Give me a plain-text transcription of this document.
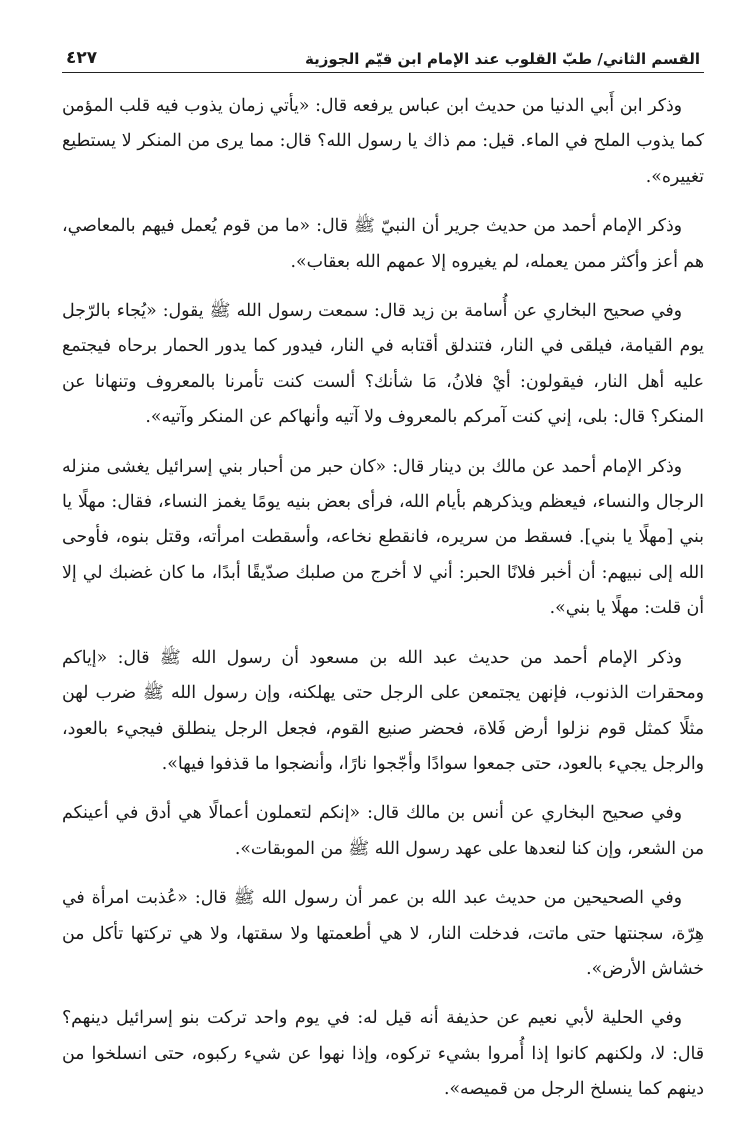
القسم الثاني/ طبّ القلوب عند الإمام ابن قيّم الجوزية
٤٢٧

وذكر ابن أَبي الدنيا من حديث ابن عباس يرفعه قال: «يأتي زمان يذوب فيه قلب المؤمن كما يذوب الملح في الماء. قيل: مم ذاك يا رسول الله؟ قال: مما يرى من المنكر لا يستطيع تغييره».

وذكر الإمام أحمد من حديث جرير أن النبيّ ﷺ قال: «ما من قوم يُعمل فيهم بالمعاصي، هم أعز وأكثر ممن يعمله، لم يغيروه إلا عمهم الله بعقاب».

وفي صحيح البخاري عن أُسامة بن زيد قال: سمعت رسول الله ﷺ يقول: «يُجاء بالرّجل يوم القيامة، فيلقى في النار، فتندلق أقتابه في النار، فيدور كما يدور الحمار برحاه فيجتمع عليه أهل النار، فيقولون: أيْ فلانُ، مَا شأنك؟ ألست كنت تأمرنا بالمعروف وتنهانا عن المنكر؟ قال: بلى، إني كنت آمركم بالمعروف ولا آتيه وأنهاكم عن المنكر وآتيه».

وذكر الإمام أحمد عن مالك بن دينار قال: «كان حبر من أحبار بني إسرائيل يغشى منزله الرجال والنساء، فيعظم ويذكرهم بأيام الله، فرأى بعض بنيه يومًا يغمز النساء، فقال: مهلًا يا بني [مهلًا يا بني]. فسقط من سريره، فانقطع نخاعه، وأسقطت امرأته، وقتل بنوه، فأوحى الله إلى نبيهم: أن أخبر فلانًا الحبر: أني لا أخرج من صلبك صدّيقًا أبدًا، ما كان غضبك لي إلا أن قلت: مهلًا يا بني».

وذكر الإمام أحمد من حديث عبد الله بن مسعود أن رسول الله ﷺ قال: «إياكم ومحقرات الذنوب، فإنهن يجتمعن على الرجل حتى يهلكنه، وإن رسول الله ﷺ ضرب لهن مثلًا كمثل قوم نزلوا أرض فَلاة، فحضر صنيع القوم، فجعل الرجل ينطلق فيجيء بالعود، والرجل يجيء بالعود، حتى جمعوا سوادًا وأجّجوا نارًا، وأنضجوا ما قذفوا فيها».

وفي صحيح البخاري عن أنس بن مالك قال: «إنكم لتعملون أعمالًا هي أدق في أعينكم من الشعر، وإن كنا لنعدها على عهد رسول الله ﷺ من الموبقات».

وفي الصحيحين من حديث عبد الله بن عمر أن رسول الله ﷺ قال: «عُذبت امرأة في هِرّة، سجنتها حتى ماتت، فدخلت النار، لا هي أطعمتها ولا سقتها، ولا هي تركتها تأكل من خشاش الأرض».

وفي الحلية لأبي نعيم عن حذيفة أنه قيل له: في يوم واحد تركت بنو إسرائيل دينهم؟ قال: لا، ولكنهم كانوا إذا أُمروا بشيء تركوه، وإذا نهوا عن شيء ركبوه، حتى انسلخوا من دينهم كما ينسلخ الرجل من قميصه».
